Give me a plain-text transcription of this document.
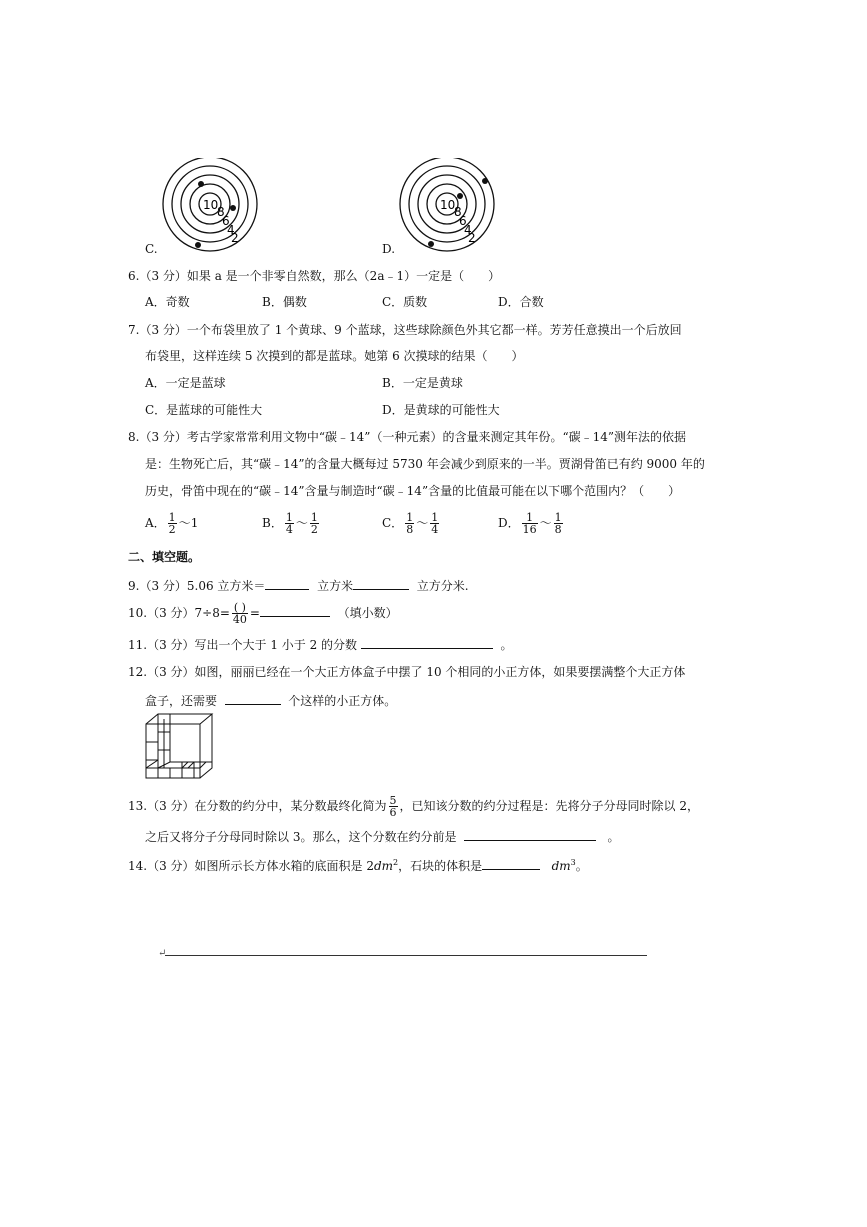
10
8
6
4
2
C.
10
8
6
4
2
D.
6.（3 分）如果 a 是一个非零自然数，那么（2a﹣1）一定是（　　）
A．奇数	B．偶数	C．质数	D．合数
7.（3 分）一个布袋里放了 1 个黄球、9 个蓝球，这些球除颜色外其它都一样。芳芳任意摸出一个后放回
布袋里，这样连续 5 次摸到的都是蓝球。她第 6 次摸球的结果（　　）
A．一定是蓝球	B．一定是黄球
C．是蓝球的可能性大	D．是黄球的可能性大
8.（3 分）考古学家常常利用文物中“碳﹣14”（一种元素）的含量来测定其年份。“碳﹣14”测年法的依据
是：生物死亡后，其“碳﹣14”的含量大概每过 5730 年会减少到原来的一半。贾湖骨笛已有约 9000 年的
历史，骨笛中现在的“碳﹣14”含量与制造时“碳﹣14”含量的比值最可能在以下哪个范围内？（　　）
A． $\frac{1}{2}$ ～1	B． $\frac{1}{4}$ ～ $\frac{1}{2}$	C． $\frac{1}{8}$ ～ $\frac{1}{4}$	D． $\frac{1}{16}$ ～ $\frac{1}{8}$
二、填空题。
9.（3 分）5.06 立方米＝	立方米	立方分米.
10.（3 分）$7\div 8= \frac{( )}{40}$ =	（填小数）
11.（3 分）写出一个大于 1 小于 2 的分数	。
12.（3 分）如图，丽丽已经在一个大正方体盒子中摆了 10 个相同的小正方体，如果要摆满整个大正方体
盒子，还需要	个这样的小正方体。
13.（3 分）在分数的约分中，某分数最终化简为 $\frac{5}{6}$ ，已知该分数的约分过程是：先将分子分母同时除以 2，
之后又将分子分母同时除以 3。那么，这个分数在约分前是	。
14.（3 分）如图所示长方体水箱的底面积是 $2dm^2$，石块的体积是	$dm^3$。
↵
